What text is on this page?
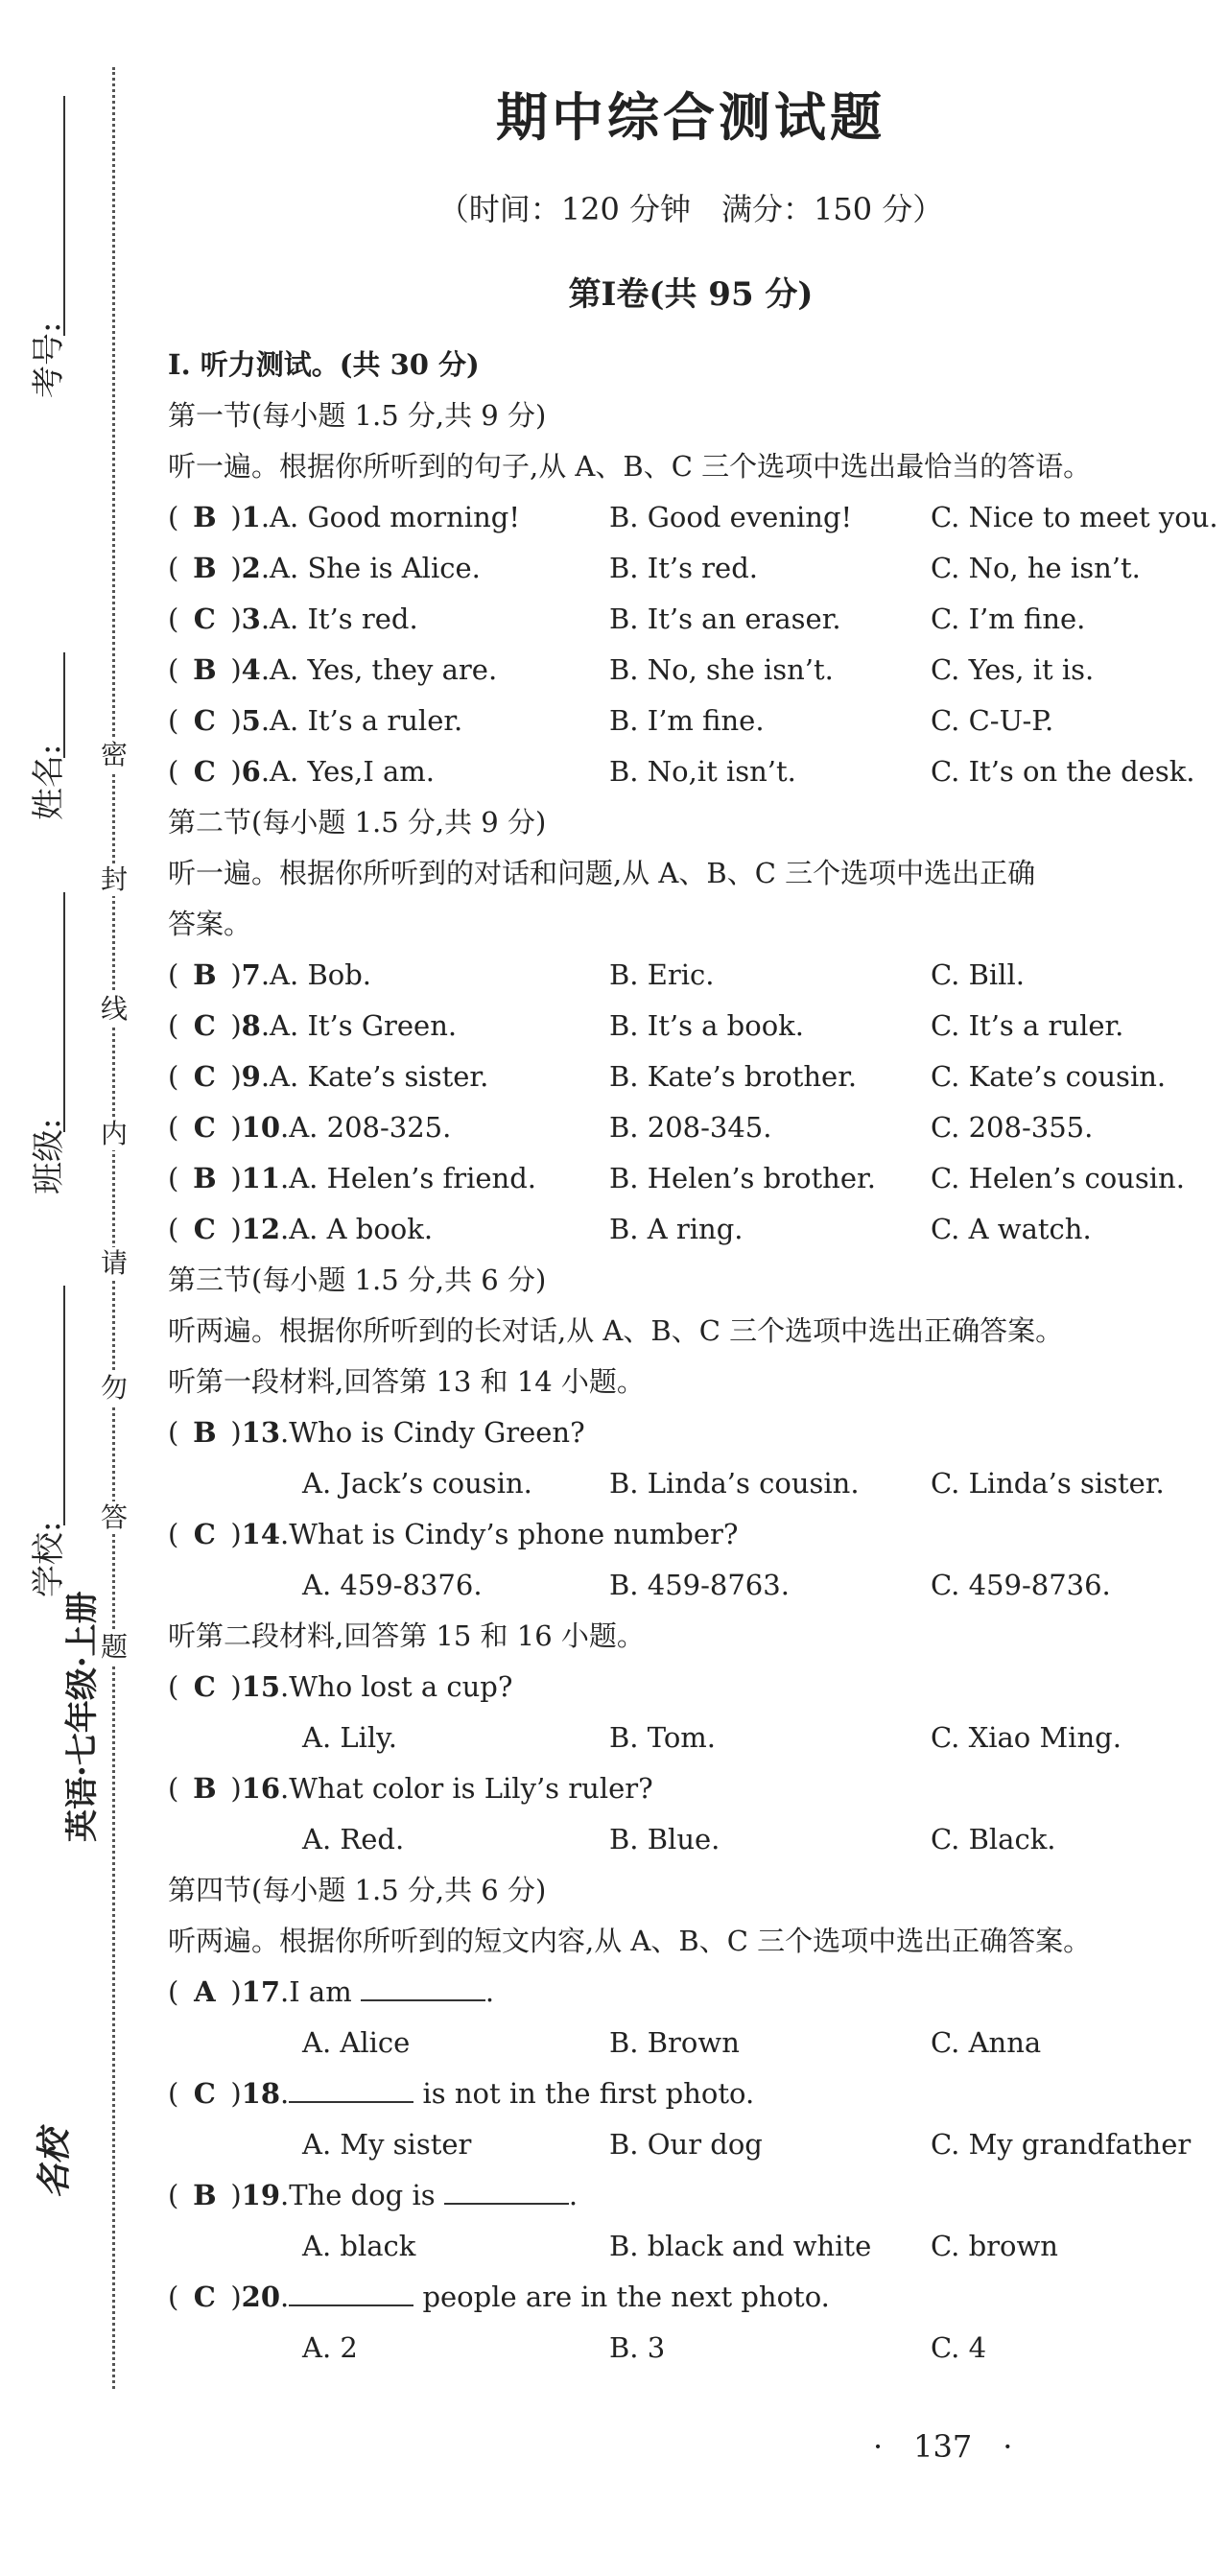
密
封
线
内
请
勿
答
题
考号:
姓名:
班级:
学校:
英语·七年级·上册
名校
期中综合测试题
（时间：120 分钟　满分：150 分）
第Ⅰ卷(共 95 分)
Ⅰ. 听力测试。(共 30 分)
第一节(每小题 1.5 分,共 9 分)
听一遍。根据你所听到的句子,从 A、B、C 三个选项中选出最恰当的答语。
( B )1.A. Good morning!	B. Good evening!	C. Nice to meet you.
( B )2.A. She is Alice.	B. It’s red.	C. No, he isn’t.
( C )3.A. It’s red.	B. It’s an eraser.	C. I’m fine.
( B )4.A. Yes, they are.	B. No, she isn’t.	C. Yes, it is.
( C )5.A. It’s a ruler.	B. I’m fine.	C. C-U-P.
( C )6.A. Yes,I am.	B. No,it isn’t.	C. It’s on the desk.
第二节(每小题 1.5 分,共 9 分)
听一遍。根据你所听到的对话和问题,从 A、B、C 三个选项中选出正确
答案。
( B )7.A. Bob.	B. Eric.	C. Bill.
( C )8.A. It’s Green.	B. It’s a book.	C. It’s a ruler.
( C )9.A. Kate’s sister.	B. Kate’s brother.	C. Kate’s cousin.
( C )10.A. 208-325.	B. 208-345.	C. 208-355.
( B )11.A. Helen’s friend.	B. Helen’s brother. C. Helen’s cousin.
( C )12.A. A book.	B. A ring.	C. A watch.
第三节(每小题 1.5 分,共 6 分)
听两遍。根据你所听到的长对话,从 A、B、C 三个选项中选出正确答案。
听第一段材料,回答第 13 和 14 小题。
( B )13.Who is Cindy Green?
A. Jack’s cousin.	B. Linda’s cousin.	C. Linda’s sister.
( C )14.What is Cindy’s phone number?
A. 459-8376.	B. 459-8763.	C. 459-8736.
听第二段材料,回答第 15 和 16 小题。
( C )15.Who lost a cup?
A. Lily.	B. Tom.	C. Xiao Ming.
( B )16.What color is Lily’s ruler?
A. Red.	B. Blue.	C. Black.
第四节(每小题 1.5 分,共 6 分)
听两遍。根据你所听到的短文内容,从 A、B、C 三个选项中选出正确答案。
( A )17.I am	.
A. Alice	B. Brown	C. Anna
( C )18.	is not in the first photo.
A. My sister	B. Our dog	C. My grandfather
( B )19.The dog is	.
A. black	B. black and white C. brown
( C )20.	people are in the next photo.
A. 2	B. 3	C. 4
·　137　·
